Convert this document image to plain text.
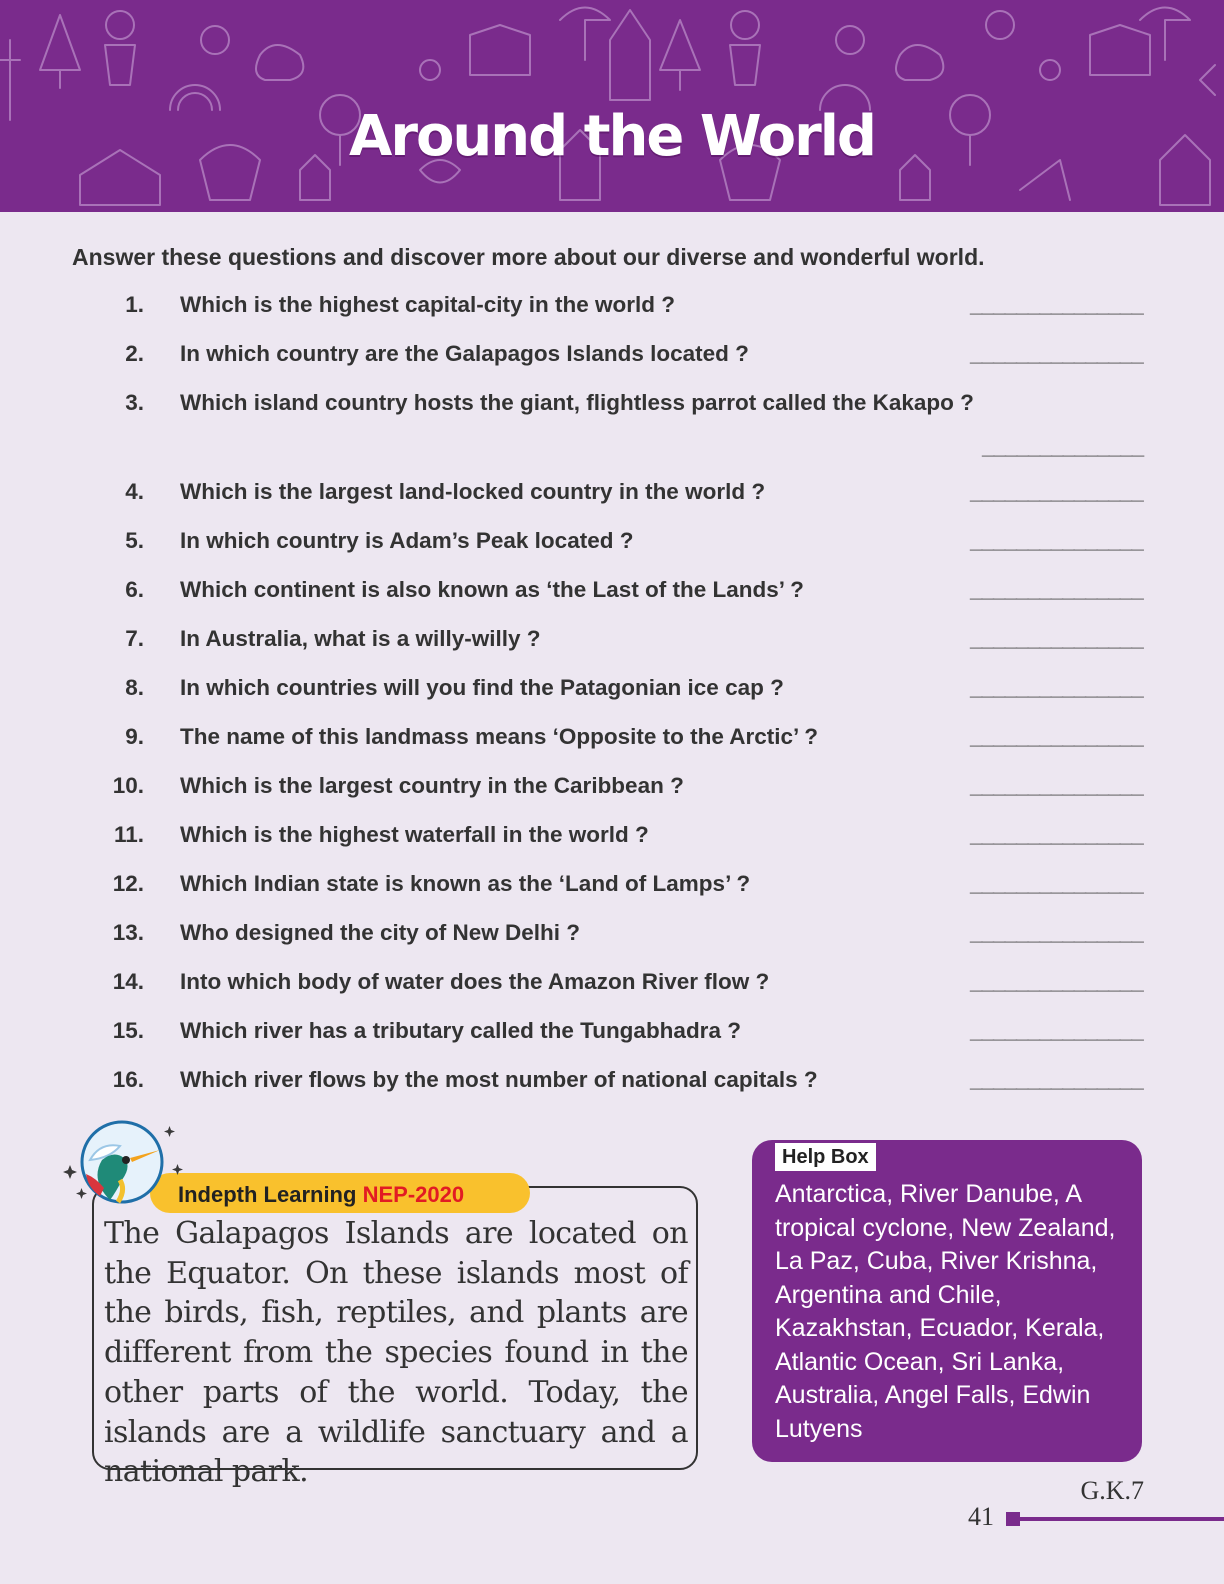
Around the World
Answer these questions and discover more about our diverse and wonderful world.
1. Which is the highest capital-city in the world ?	_______________
2. In which country are the Galapagos Islands located ?	_______________
3. Which island country hosts the giant, flightless parrot called the Kakapo ?
______________
4. Which is the largest land-locked country in the world ?	_______________
5. In which country is Adam’s Peak located ?	_______________
6. Which continent is also known as ‘the Last of the Lands’ ?	_______________
7. In Australia, what is a willy-willy ?	_______________
8. In which countries will you find the Patagonian ice cap ?	_______________
9. The name of this landmass means ‘Opposite to the Arctic’ ?	_______________
10. Which is the largest country in the Caribbean ?	_______________
11. Which is the highest waterfall in the world ?	_______________
12. Which Indian state is known as the ‘Land of Lamps’ ?	_______________
13. Who designed the city of New Delhi ?	_______________
14. Into which body of water does the Amazon River flow ?	_______________
15. Which river has a tributary called the Tungabhadra ?	_______________
16. Which river flows by the most number of national capitals ?	_______________
Indepth Learning NEP-2020
The Galapagos Islands are located on the Equator. On these islands most of the birds, fish, reptiles, and plants are different from the species found in the other parts of the world. Today, the islands are a wildlife sanctuary and a national park.
Help Box
Antarctica, River Danube, A tropical cyclone, New Zealand, La Paz, Cuba, River Krishna, Argentina and Chile, Kazakhstan, Ecuador, Kerala, Atlantic Ocean, Sri Lanka, Australia, Angel Falls, Edwin Lutyens
G.K.7
41
